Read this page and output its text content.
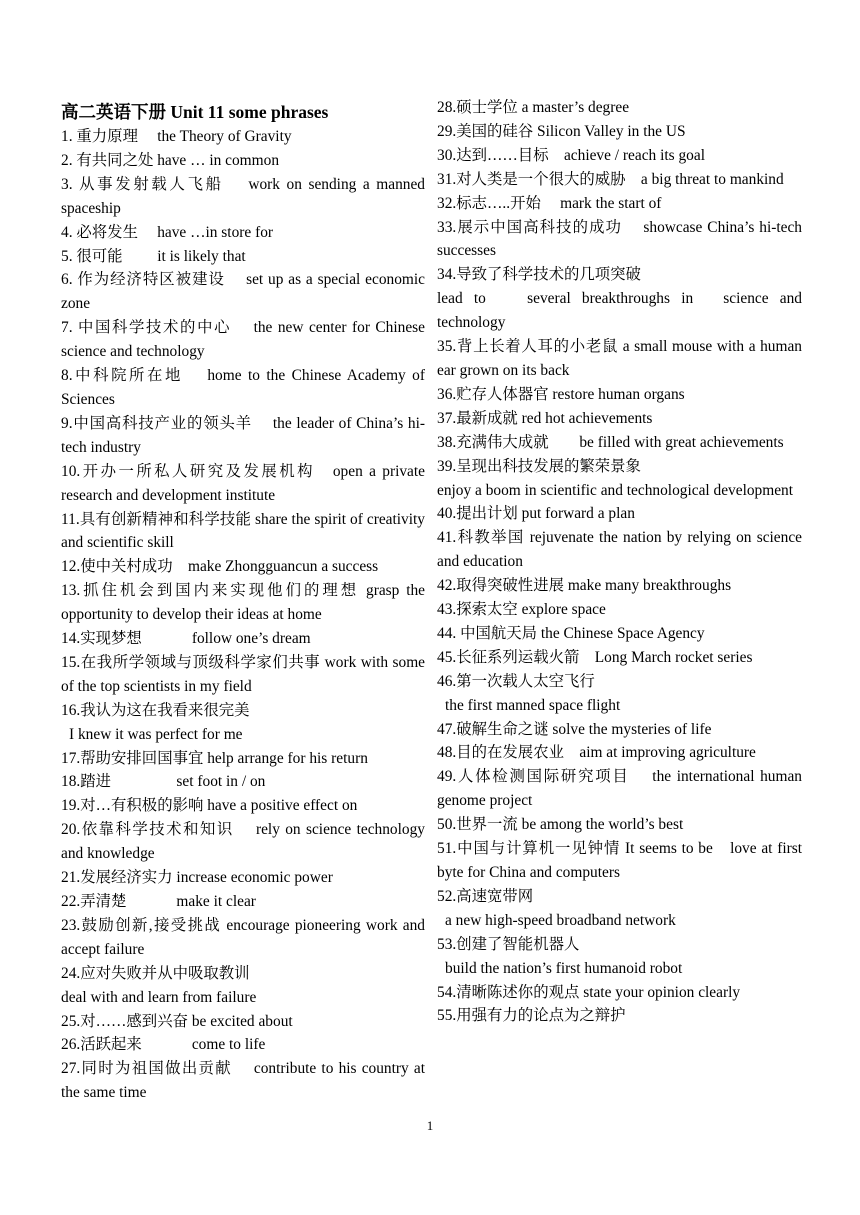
高二英语下册 Unit 11 some phrases
1. 重力原理　 the Theory of Gravity
2. 有共同之处 have … in common
3. 从事发射载人飞船　 work on sending a manned spaceship
4. 必将发生　 have …in store for
5. 很可能　　 it is likely that
6. 作为经济特区被建设　 set up as a special economic zone
7. 中国科学技术的中心　 the new center for Chinese science and technology
8.中科院所在地　 home to the Chinese Academy of Sciences
9.中国高科技产业的领头羊　 the leader of China’s hi-tech industry
10.开办一所私人研究及发展机构　open a private research and development institute
11.具有创新精神和科学技能 share the spirit of creativity and scientific skill
12.使中关村成功　make Zhongguancun a success
13.抓住机会到国内来实现他们的理想 grasp the opportunity to develop their ideas at home
14.实现梦想　　　 follow one’s dream
15.在我所学领域与顶级科学家们共事 work with some of the top scientists in my field
16.我认为这在我看来很完美
I knew it was perfect for me
17.帮助安排回国事宜 help arrange for his return
18.踏进　　　　 set foot in / on
19.对…有积极的影响 have a positive effect on
20.依靠科学技术和知识　 rely on science technology and knowledge
21.发展经济实力 increase economic power
22.弄清楚　　　 make it clear
23.鼓励创新,接受挑战 encourage pioneering work and accept failure
24.应对失败并从中吸取教训
deal with and learn from failure
25.对……感到兴奋 be excited about
26.活跃起来　　　 come to life
27.同时为祖国做出贡献　 contribute to his country at the same time
28.硕士学位 a master’s degree
29.美国的硅谷 Silicon Valley in the US
30.达到……目标　achieve / reach its goal
31.对人类是一个很大的威胁　a big threat to mankind
32.标志…..开始　 mark the start of
33.展示中国高科技的成功　 showcase China’s hi-tech successes
34.导致了科学技术的几项突破
lead to　 several breakthroughs in　science and technology
35.背上长着人耳的小老鼠 a small mouse with a human ear grown on its back
36.贮存人体器官 restore human organs
37.最新成就 red hot achievements
38.充满伟大成就　　be filled with great achievements
39.呈现出科技发展的繁荣景象
enjoy a boom in scientific and technological development
40.提出计划 put forward a plan
41.科教举国 rejuvenate the nation by relying on science and education
42.取得突破性进展 make many breakthroughs
43.探索太空 explore space
44. 中国航天局 the Chinese Space Agency
45.长征系列运载火箭　Long March rocket series
46.第一次载人太空飞行
the first manned space flight
47.破解生命之谜 solve the mysteries of life
48.目的在发展农业　aim at improving agriculture
49.人体检测国际研究项目　 the international human genome project
50.世界一流 be among the world’s best
51.中国与计算机一见钟情 It seems to be　love at first byte for China and computers
52.高速宽带网
a new high-speed broadband network
53.创建了智能机器人
build the nation’s first humanoid robot
54.清晰陈述你的观点 state your opinion clearly
55.用强有力的论点为之辩护
1
